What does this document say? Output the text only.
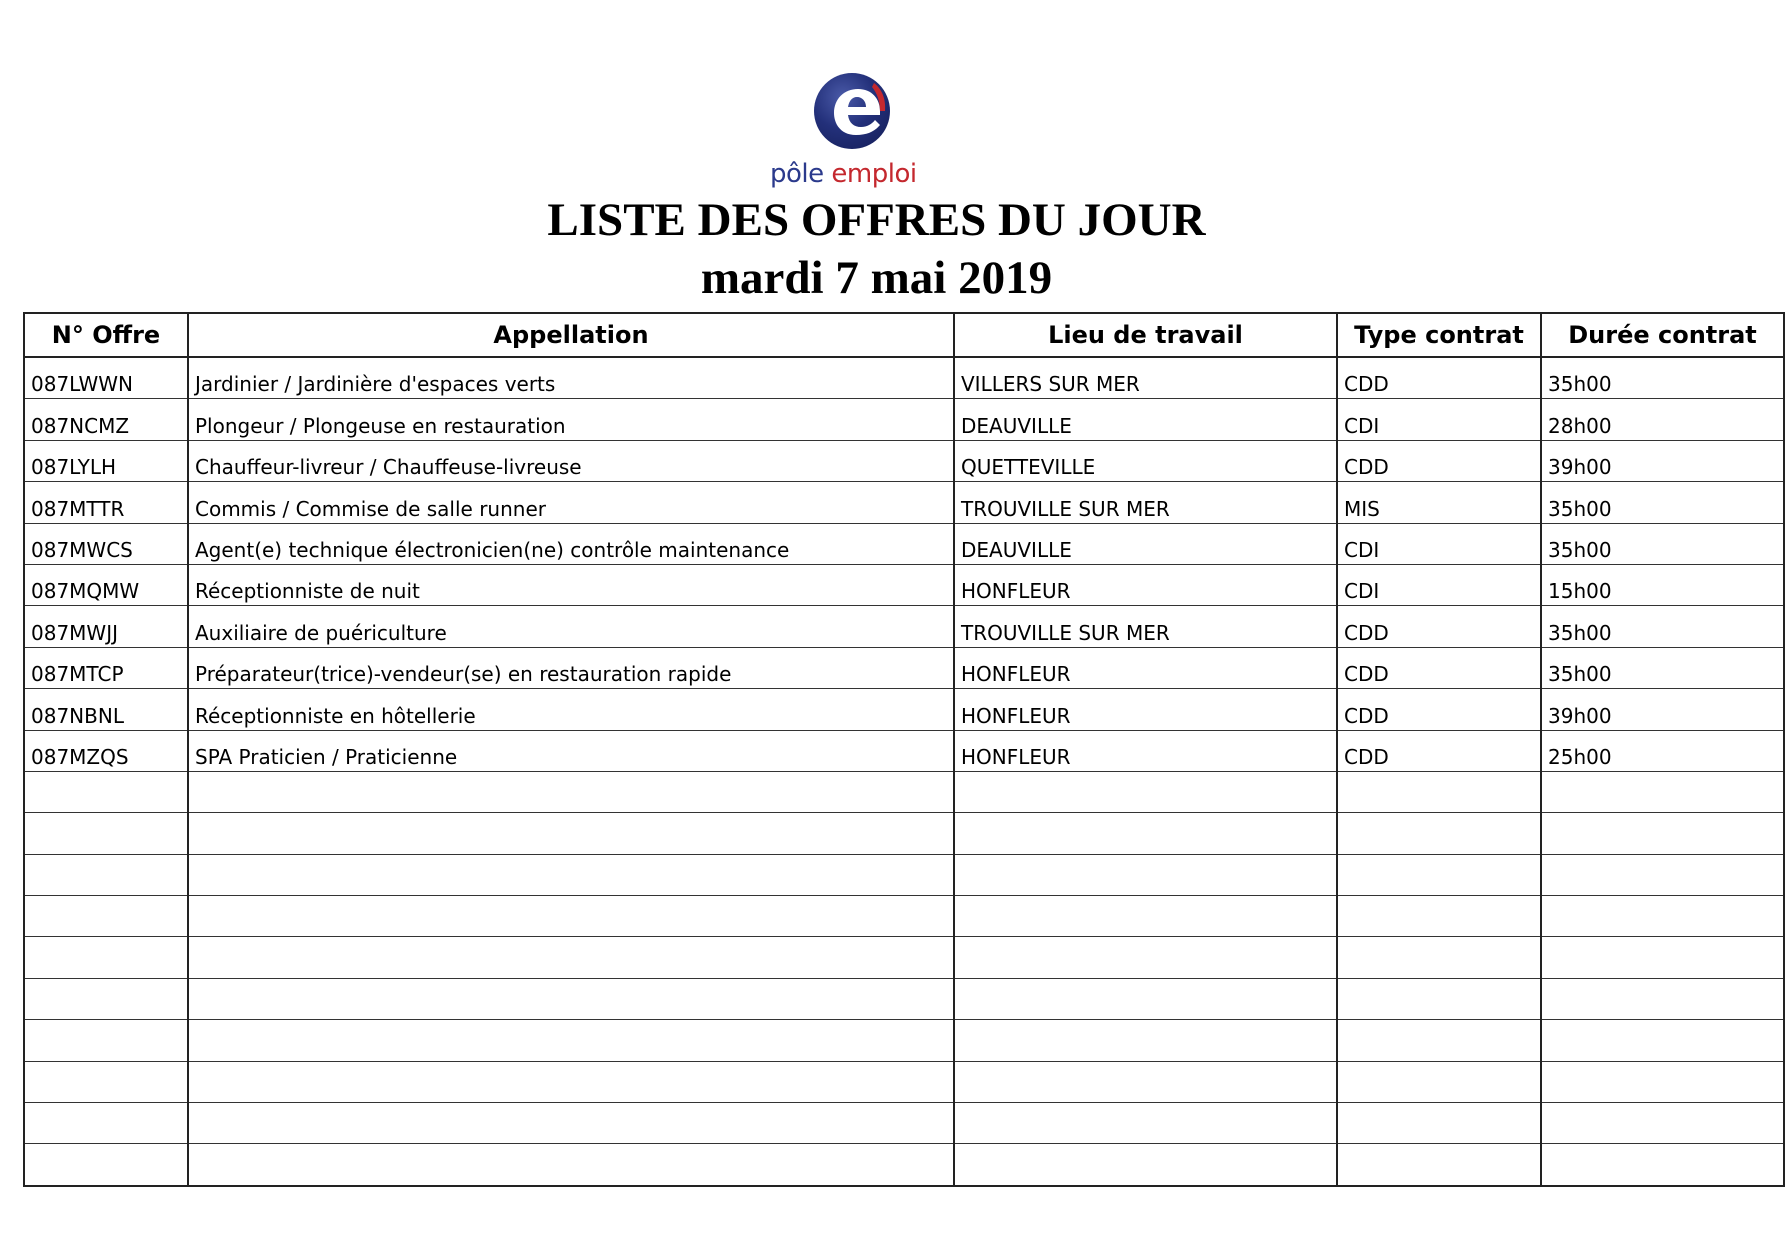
pôle emploi
LISTE DES OFFRES DU JOUR
mardi 7 mai 2019
N° Offre	Appellation	Lieu de travail	Type contrat	Durée contrat
087LWWN	Jardinier / Jardinière d'espaces verts	VILLERS SUR MER	CDD	35h00
087NCMZ	Plongeur / Plongeuse en restauration	DEAUVILLE	CDI	28h00
087LYLH	Chauffeur-livreur / Chauffeuse-livreuse	QUETTEVILLE	CDD	39h00
087MTTR	Commis / Commise de salle runner	TROUVILLE SUR MER	MIS	35h00
087MWCS	Agent(e) technique électronicien(ne) contrôle maintenance	DEAUVILLE	CDI	35h00
087MQMW	Réceptionniste de nuit	HONFLEUR	CDI	15h00
087MWJJ	Auxiliaire de puériculture	TROUVILLE SUR MER	CDD	35h00
087MTCP	Préparateur(trice)-vendeur(se) en restauration rapide	HONFLEUR	CDD	35h00
087NBNL	Réceptionniste en hôtellerie	HONFLEUR	CDD	39h00
087MZQS	SPA Praticien / Praticienne	HONFLEUR	CDD	25h00
